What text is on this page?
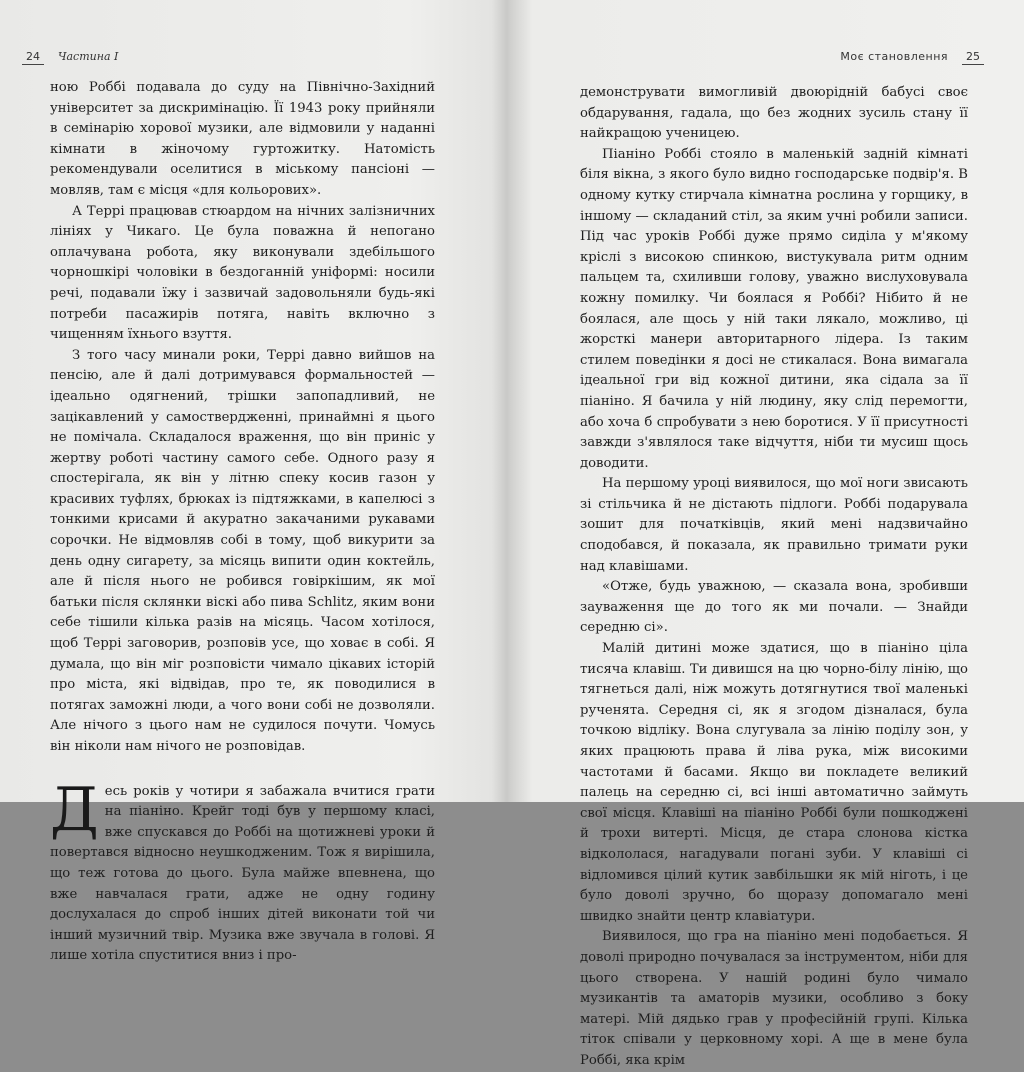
24 Частина І

ною Роббі подавала до суду на Північно-Західний університет за дискримінацію. Її 1943 року прийняли в семінарію хорової музики, але відмовили у наданні кімнати в жіночому гуртожитку. Натомість рекомендували оселитися в міському пансіоні — мовляв, там є місця «для кольорових».

А Террі працював стюардом на нічних залізничних лініях у Чикаго. Це була поважна й непогано оплачувана робота, яку виконували здебільшого чорношкірі чоловіки в бездоганній уніформі: носили речі, подавали їжу і зазвичай задовольняли будь-які потреби пасажирів потяга, навіть включно з чищенням їхнього взуття.

З того часу минали роки, Террі давно вийшов на пенсію, але й далі дотримувався формальностей — ідеально одягнений, трішки запопадливий, не зацікавлений у самоствердженні, принаймні я цього не помічала. Складалося враження, що він приніс у жертву роботі частину самого себе. Одного разу я спостерігала, як він у літню спеку косив газон у красивих туфлях, брюках із підтяжками, в капелюсі з тонкими крисами й акуратно закачаними рукавами сорочки. Не відмовляв собі в тому, щоб викурити за день одну сигарету, за місяць випити один коктейль, але й після нього не робився говіркішим, як мої батьки після склянки віскі або пива Schlitz, яким вони себе тішили кілька разів на місяць. Часом хотілося, щоб Террі заговорив, розповів усе, що ховає в собі. Я думала, що він міг розповісти чимало цікавих історій про міста, які відвідав, про те, як поводилися в потягах заможні люди, а чого вони собі не дозволяли. Але нічого з цього нам не судилося почути. Чомусь він ніколи нам нічого не розповідав.

Десь років у чотири я забажала вчитися грати на піаніно. Крейг тоді був у першому класі, вже спускався до Роббі на щотижневі уроки й повертався відносно неушкодженим. Тож я вирішила, що теж готова до цього. Була майже впевнена, що вже навчалася грати, адже не одну годину дослухалася до спроб інших дітей виконати той чи інший музичний твір. Музика вже звучала в голові. Я лише хотіла спуститися вниз і про-

Моє становлення 25

демонструвати вимогливій двоюрідній бабусі своє обдарування, гадала, що без жодних зусиль стану її найкращою ученицею.

Піаніно Роббі стояло в маленькій задній кімнаті біля вікна, з якого було видно господарське подвір'я. В одному кутку стирчала кімнатна рослина у горщику, в іншому — складаний стіл, за яким учні робили записи. Під час уроків Роббі дуже прямо сиділа у м'якому кріслі з високою спинкою, вистукувала ритм одним пальцем та, схиливши голову, уважно вислуховувала кожну помилку. Чи боялася я Роббі? Нібито й не боялася, але щось у ній таки лякало, можливо, ці жорсткі манери авторитарного лідера. Із таким стилем поведінки я досі не стикалася. Вона вимагала ідеальної гри від кожної дитини, яка сідала за її піаніно. Я бачила у ній людину, яку слід перемогти, або хоча б спробувати з нею боротися. У її присутності завжди з'являлося таке відчуття, ніби ти мусиш щось доводити.

На першому уроці виявилося, що мої ноги звисають зі стільчика й не дістають підлоги. Роббі подарувала зошит для початківців, який мені надзвичайно сподобався, й показала, як правильно тримати руки над клавішами.

«Отже, будь уважною, — сказала вона, зробивши зауваження ще до того як ми почали. — Знайди середню сі».

Малій дитині може здатися, що в піаніно ціла тисяча клавіш. Ти дивишся на цю чорно-білу лінію, що тягнеться далі, ніж можуть дотягнутися твої маленькі рученята. Середня сі, як я згодом дізналася, була точкою відліку. Вона слугувала за лінію поділу зон, у яких працюють права й ліва рука, між високими частотами й басами. Якщо ви покладете великий палець на середню сі, всі інші автоматично займуть свої місця. Клавіші на піаніно Роббі були пошкоджені й трохи витерті. Місця, де стара слонова кістка відкололася, нагадували погані зуби. У клавіші сі відломився цілий кутик завбільшки як мій ніготь, і це було доволі зручно, бо щоразу допомагало мені швидко знайти центр клавіатури.

Виявилося, що гра на піаніно мені подобається. Я доволі природно почувалася за інструментом, ніби для цього створена. У нашій родині було чимало музикантів та аматорів музики, особливо з боку матері. Мій дядько грав у професійній групі. Кілька тіток співали у церковному хорі. А ще в мене була Роббі, яка крім
